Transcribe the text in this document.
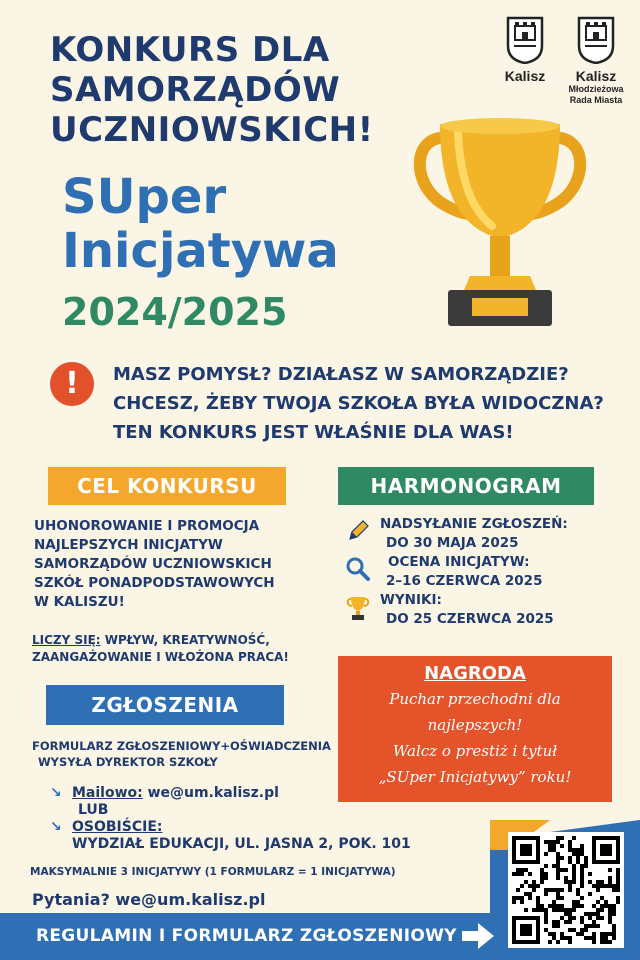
KONKURS DLA
SAMORZĄDÓW
UCZNIOWSKICH!
SUper
Inicjatywa
2024/2025
Kalisz	Kalisz
Młodzieżowa
Rada Miasta
!	MASZ POMYSŁ? DZIAŁASZ W SAMORZĄDZIE?
CHCESZ, ŻEBY TWOJA SZKOŁA BYŁA WIDOCZNA?
TEN KONKURS JEST WŁAŚNIE DLA WAS!
CEL KONKURSU
UHONOROWANIE I PROMOCJA
NAJLEPSZYCH INICJATYW
SAMORZĄDÓW UCZNIOWSKICH
SZKÓŁ PONADPODSTAWOWYCH
W KALISZU!
LICZY SIĘ: WPŁYW, KREATYWNOŚĆ,
ZAANGAŻOWANIE I WŁOŻONA PRACA!
HARMONOGRAM
NADSYŁANIE ZGŁOSZEŃ:
DO 30 MAJA 2025
OCENA INICJATYW:
2–16 CZERWCA 2025
WYNIKI:
DO 25 CZERWCA 2025
NAGRODA
Puchar przechodni dla
najlepszych!
Walcz o prestiż i tytuł
„SUper Inicjatywy” roku!
ZGŁOSZENIA
FORMULARZ ZGŁOSZENIOWY+OŚWIADCZENIA
WYSYŁA DYREKTOR SZKOŁY
↘ Mailowo: we@um.kalisz.pl
LUB
↘ OSOBIŚCIE:
WYDZIAŁ EDUKACJI, UL. JASNA 2, POK. 101
MAKSYMALNIE 3 INICJATYWY (1 FORMULARZ = 1 INICJATYWA)
Pytania? we@um.kalisz.pl
REGULAMIN I FORMULARZ ZGŁOSZENIOWY
